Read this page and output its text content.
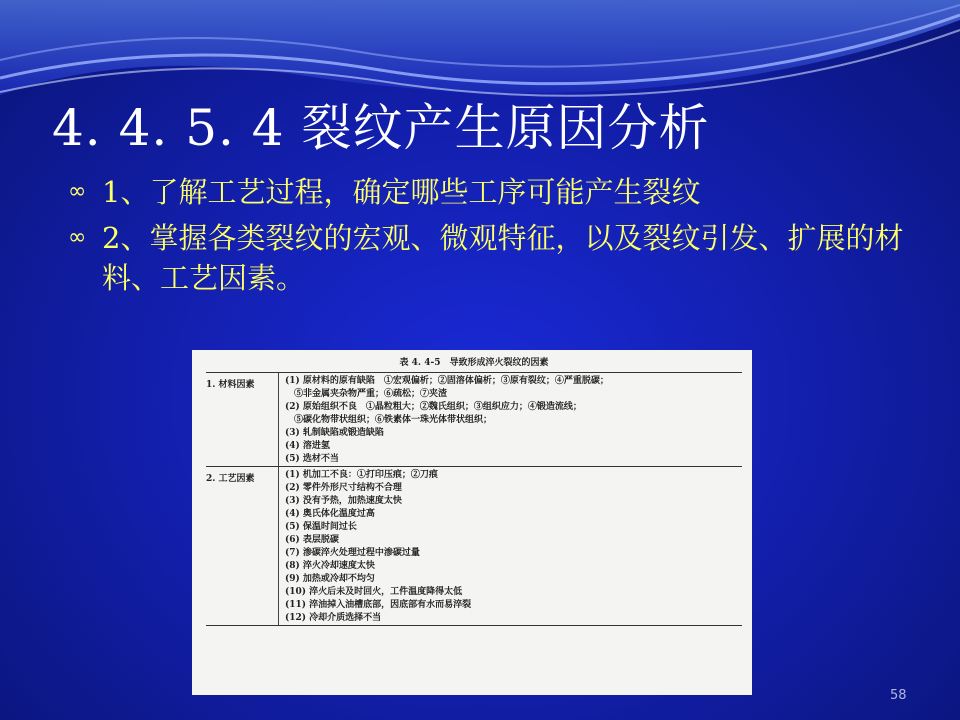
4. 4. 5. 4 裂纹产生原因分析
∞ 1、了解工艺过程，确定哪些工序可能产生裂纹
∞ 2、掌握各类裂纹的宏观、微观特征，以及裂纹引发、扩展的材料、工艺因素。
表 4. 4-5　导致形成淬火裂纹的因素
1. 材料因素	(1) 原材料的原有缺陷　①宏观偏析；②固溶体偏析；③原有裂纹；④严重脱碳；
　⑤非金属夹杂物严重；⑥疏松；⑦夹渣
(2) 原始组织不良　①晶粒粗大；②魏氏组织；③组织应力；④锻造流线；
　⑤碳化物带状组织；⑥铁素体一珠光体带状组织；
(3) 轧制缺陷或锻造缺陷
(4) 溶进氢
(5) 选材不当
2. 工艺因素	(1) 机加工不良：①打印压痕；②刀痕
(2) 零件外形尺寸结构不合理
(3) 没有予热，加热速度太快
(4) 奥氏体化温度过高
(5) 保温时间过长
(6) 表层脱碳
(7) 渗碳淬火处理过程中渗碳过量
(8) 淬火冷却速度太快
(9) 加热或冷却不均匀
(10) 淬火后未及时回火，工件温度降得太低
(11) 淬油掉入油槽底部，因底部有水而易淬裂
(12) 冷却介质选择不当
58
